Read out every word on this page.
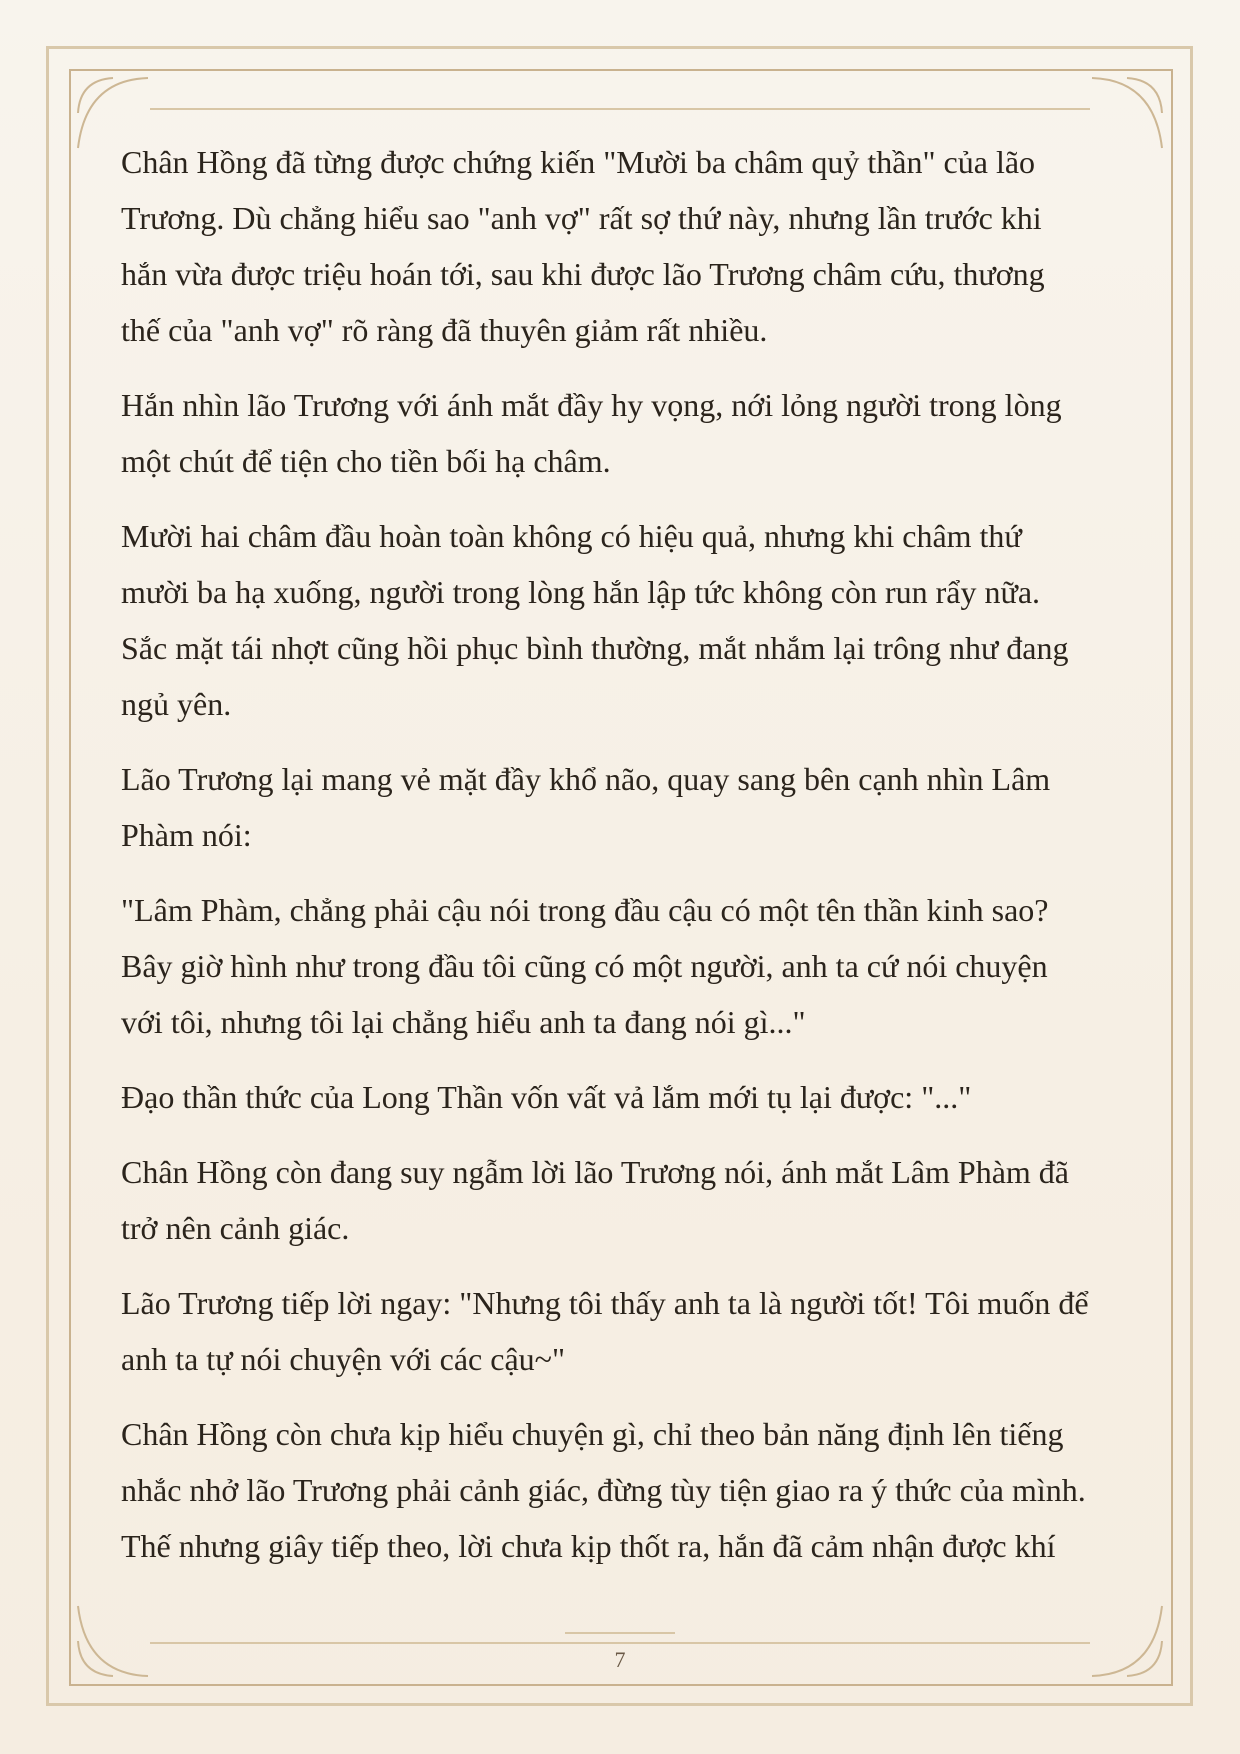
Chân Hồng đã từng được chứng kiến "Mười ba châm quỷ thần" của lão
Trương. Dù chẳng hiểu sao "anh vợ" rất sợ thứ này, nhưng lần trước khi
hắn vừa được triệu hoán tới, sau khi được lão Trương châm cứu, thương
thế của "anh vợ" rõ ràng đã thuyên giảm rất nhiều.

Hắn nhìn lão Trương với ánh mắt đầy hy vọng, nới lỏng người trong lòng
một chút để tiện cho tiền bối hạ châm.

Mười hai châm đầu hoàn toàn không có hiệu quả, nhưng khi châm thứ
mười ba hạ xuống, người trong lòng hắn lập tức không còn run rẩy nữa.
Sắc mặt tái nhợt cũng hồi phục bình thường, mắt nhắm lại trông như đang
ngủ yên.

Lão Trương lại mang vẻ mặt đầy khổ não, quay sang bên cạnh nhìn Lâm
Phàm nói:

"Lâm Phàm, chẳng phải cậu nói trong đầu cậu có một tên thần kinh sao?
Bây giờ hình như trong đầu tôi cũng có một người, anh ta cứ nói chuyện
với tôi, nhưng tôi lại chẳng hiểu anh ta đang nói gì..."

Đạo thần thức của Long Thần vốn vất vả lắm mới tụ lại được: "..."

Chân Hồng còn đang suy ngẫm lời lão Trương nói, ánh mắt Lâm Phàm đã
trở nên cảnh giác.

Lão Trương tiếp lời ngay: "Nhưng tôi thấy anh ta là người tốt! Tôi muốn để
anh ta tự nói chuyện với các cậu~"

Chân Hồng còn chưa kịp hiểu chuyện gì, chỉ theo bản năng định lên tiếng
nhắc nhở lão Trương phải cảnh giác, đừng tùy tiện giao ra ý thức của mình.
Thế nhưng giây tiếp theo, lời chưa kịp thốt ra, hắn đã cảm nhận được khí

7
